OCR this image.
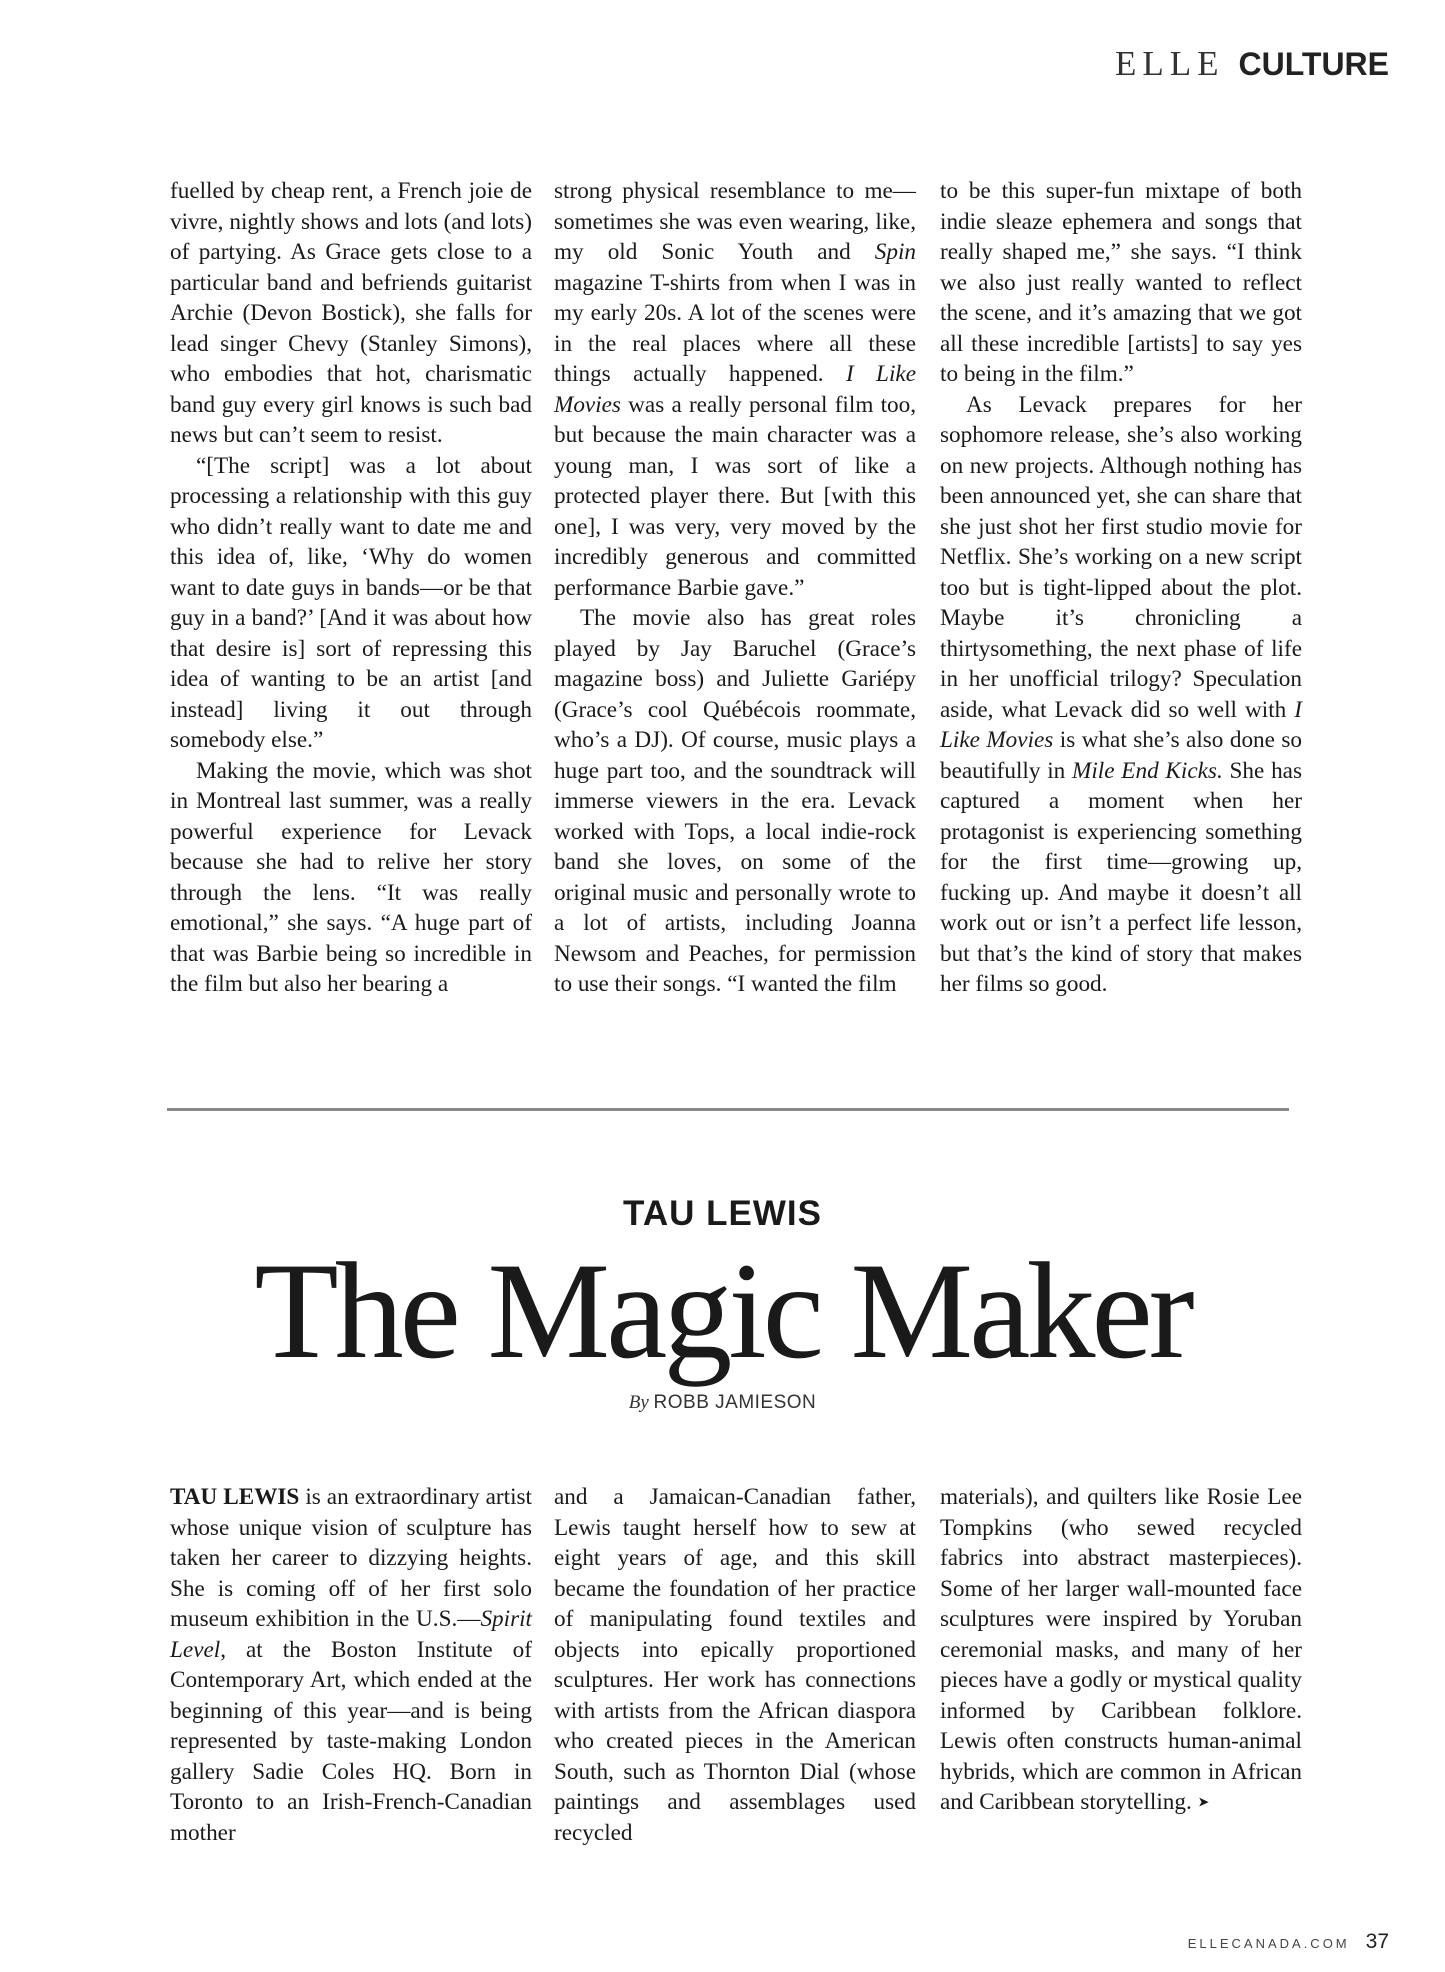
ELLE CULTURE

fuelled by cheap rent, a French joie de vivre, nightly shows and lots (and lots) of partying. As Grace gets close to a particular band and befriends guitarist Archie (Devon Bostick), she falls for lead singer Chevy (Stanley Simons), who embodies that hot, charismatic band guy every girl knows is such bad news but can’t seem to resist.

“[The script] was a lot about processing a relationship with this guy who didn’t really want to date me and this idea of, like, ‘Why do women want to date guys in bands—or be that guy in a band?’ [And it was about how that desire is] sort of repressing this idea of wanting to be an artist [and instead] living it out through somebody else.”

Making the movie, which was shot in Montreal last summer, was a really powerful experience for Levack because she had to relive her story through the lens. “It was really emotional,” she says. “A huge part of that was Barbie being so incredible in the film but also her bearing a

strong physical resemblance to me—sometimes she was even wearing, like, my old Sonic Youth and Spin magazine T-shirts from when I was in my early 20s. A lot of the scenes were in the real places where all these things actually happened. I Like Movies was a really personal film too, but because the main character was a young man, I was sort of like a protected player there. But [with this one], I was very, very moved by the incredibly generous and committed performance Barbie gave.”

The movie also has great roles played by Jay Baruchel (Grace’s magazine boss) and Juliette Gariépy (Grace’s cool Québécois roommate, who’s a DJ). Of course, music plays a huge part too, and the soundtrack will immerse viewers in the era. Levack worked with Tops, a local indie-rock band she loves, on some of the original music and personally wrote to a lot of artists, including Joanna Newsom and Peaches, for permission to use their songs. “I wanted the film

to be this super-fun mixtape of both indie sleaze ephemera and songs that really shaped me,” she says. “I think we also just really wanted to reflect the scene, and it’s amazing that we got all these incredible [artists] to say yes to being in the film.”

As Levack prepares for her sophomore release, she’s also working on new projects. Although nothing has been announced yet, she can share that she just shot her first studio movie for Netflix. She’s working on a new script too but is tight-lipped about the plot. Maybe it’s chronicling a thirtysomething, the next phase of life in her unofficial trilogy? Speculation aside, what Levack did so well with I Like Movies is what she’s also done so beautifully in Mile End Kicks. She has captured a moment when her protagonist is experiencing something for the first time—growing up, fucking up. And maybe it doesn’t all work out or isn’t a perfect life lesson, but that’s the kind of story that makes her films so good.

TAU LEWIS
The Magic Maker
By ROBB JAMIESON

TAU LEWIS is an extraordinary artist whose unique vision of sculpture has taken her career to dizzying heights. She is coming off of her first solo museum exhibition in the U.S.—Spirit Level, at the Boston Institute of Contemporary Art, which ended at the beginning of this year—and is being represented by taste-making London gallery Sadie Coles HQ. Born in Toronto to an Irish-French-Canadian mother

and a Jamaican-Canadian father, Lewis taught herself how to sew at eight years of age, and this skill became the foundation of her practice of manipulating found textiles and objects into epically proportioned sculptures. Her work has connections with artists from the African diaspora who created pieces in the American South, such as Thornton Dial (whose paintings and assemblages used recycled

materials), and quilters like Rosie Lee Tompkins (who sewed recycled fabrics into abstract masterpieces). Some of her larger wall-mounted face sculptures were inspired by Yoruban ceremonial masks, and many of her pieces have a godly or mystical quality informed by Caribbean folklore. Lewis often constructs human-animal hybrids, which are common in African and Caribbean storytelling. ➤

ELLECANADA.COM 37
